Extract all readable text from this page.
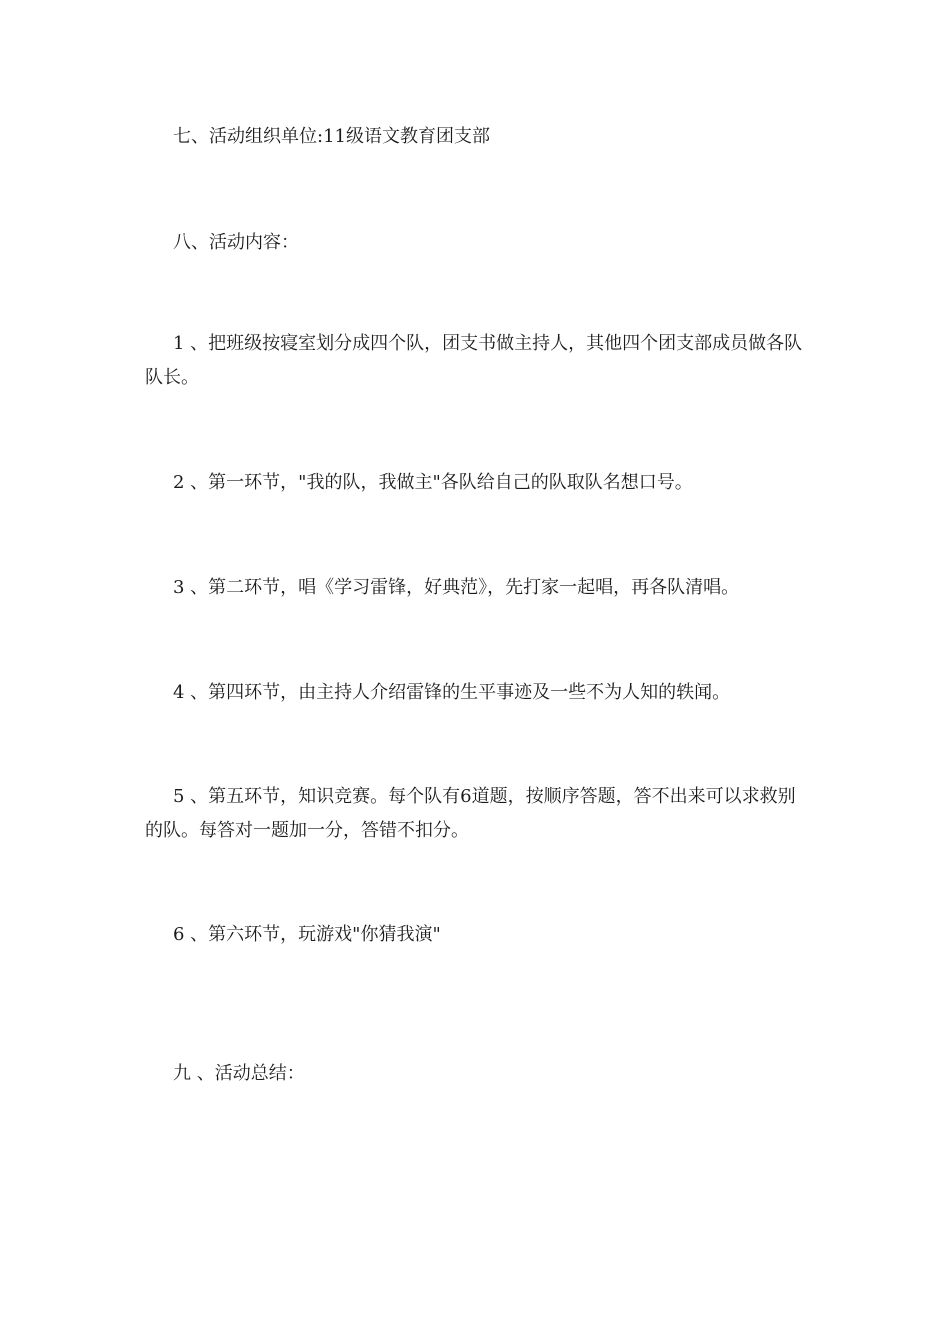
七、活动组织单位:11级语文教育团支部

八、活动内容：

1 、把班级按寝室划分成四个队，团支书做主持人，其他四个团支部成员做各队队长。

2 、第一环节，"我的队，我做主"各队给自己的队取队名想口号。

3 、第二环节，唱《学习雷锋，好典范》，先打家一起唱，再各队清唱。

4 、第四环节，由主持人介绍雷锋的生平事迹及一些不为人知的轶闻。

5 、第五环节，知识竞赛。每个队有6道题，按顺序答题，答不出来可以求救别的队。每答对一题加一分，答错不扣分。

6 、第六环节，玩游戏"你猜我演"

九 、活动总结：
